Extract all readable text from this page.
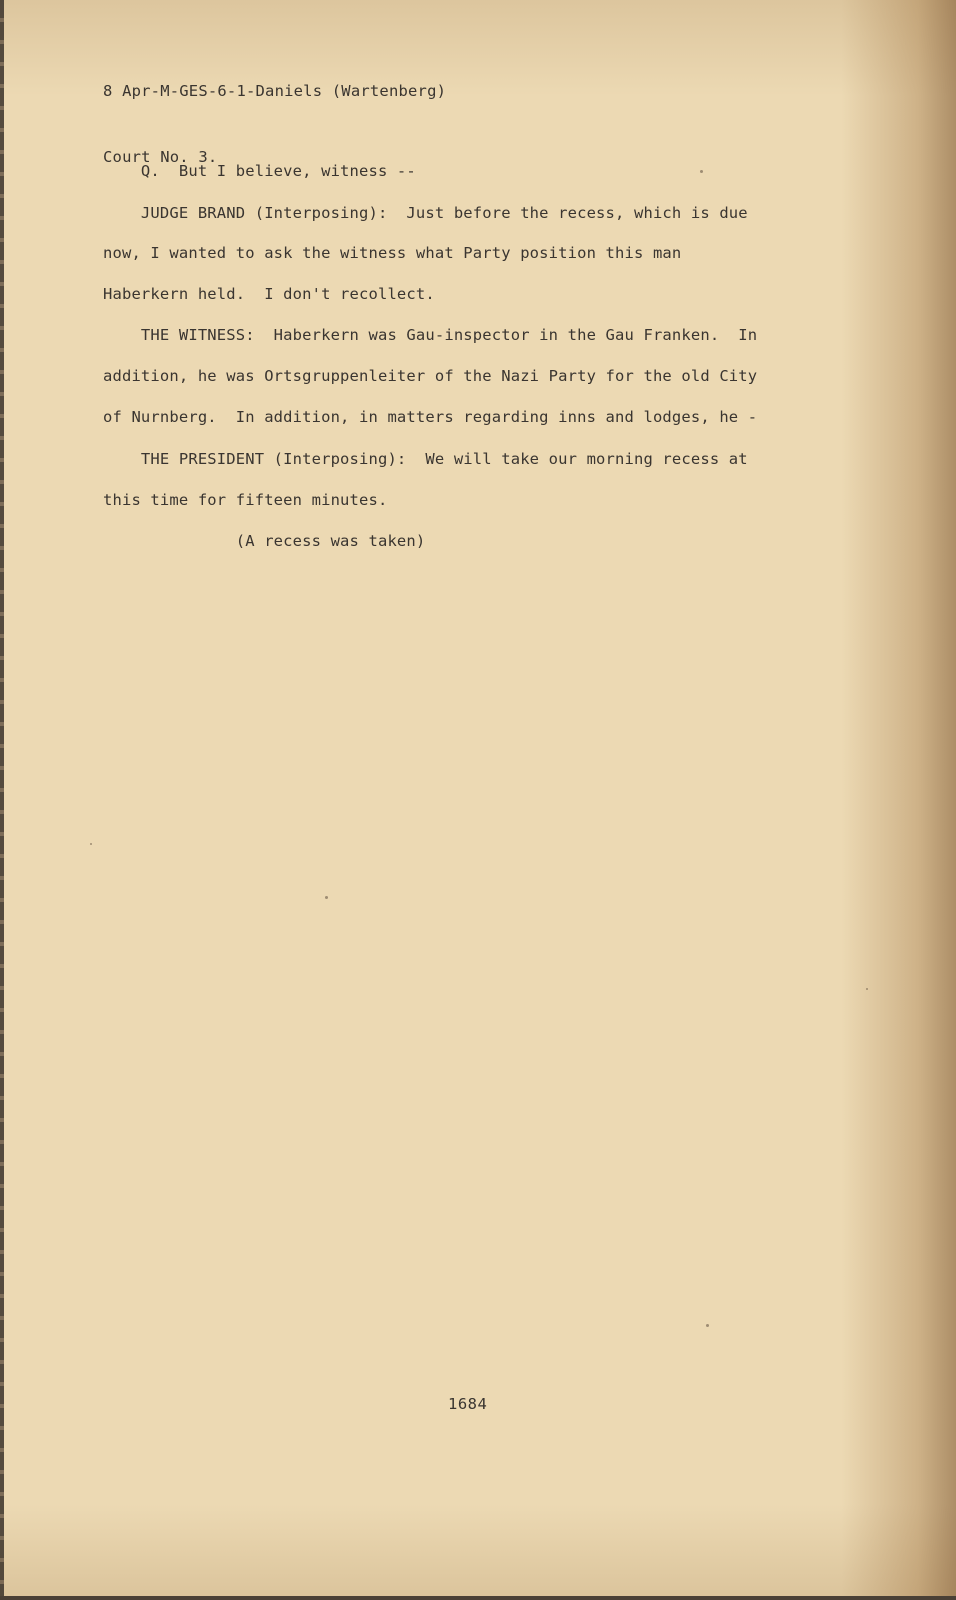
8 Apr-M-GES-6-1-Daniels (Wartenberg)

Court No. 3.

Q.  But I believe, witness --
JUDGE BRAND (Interposing):  Just before the recess, which is due
now, I wanted to ask the witness what Party position this man
Haberkern held.  I don't recollect.
THE WITNESS:  Haberkern was Gau-inspector in the Gau Franken.  In
addition, he was Ortsgruppenleiter of the Nazi Party for the old City
of Nurnberg.  In addition, in matters regarding inns and lodges, he -
THE PRESIDENT (Interposing):  We will take our morning recess at
this time for fifteen minutes.
(A recess was taken)
1684
